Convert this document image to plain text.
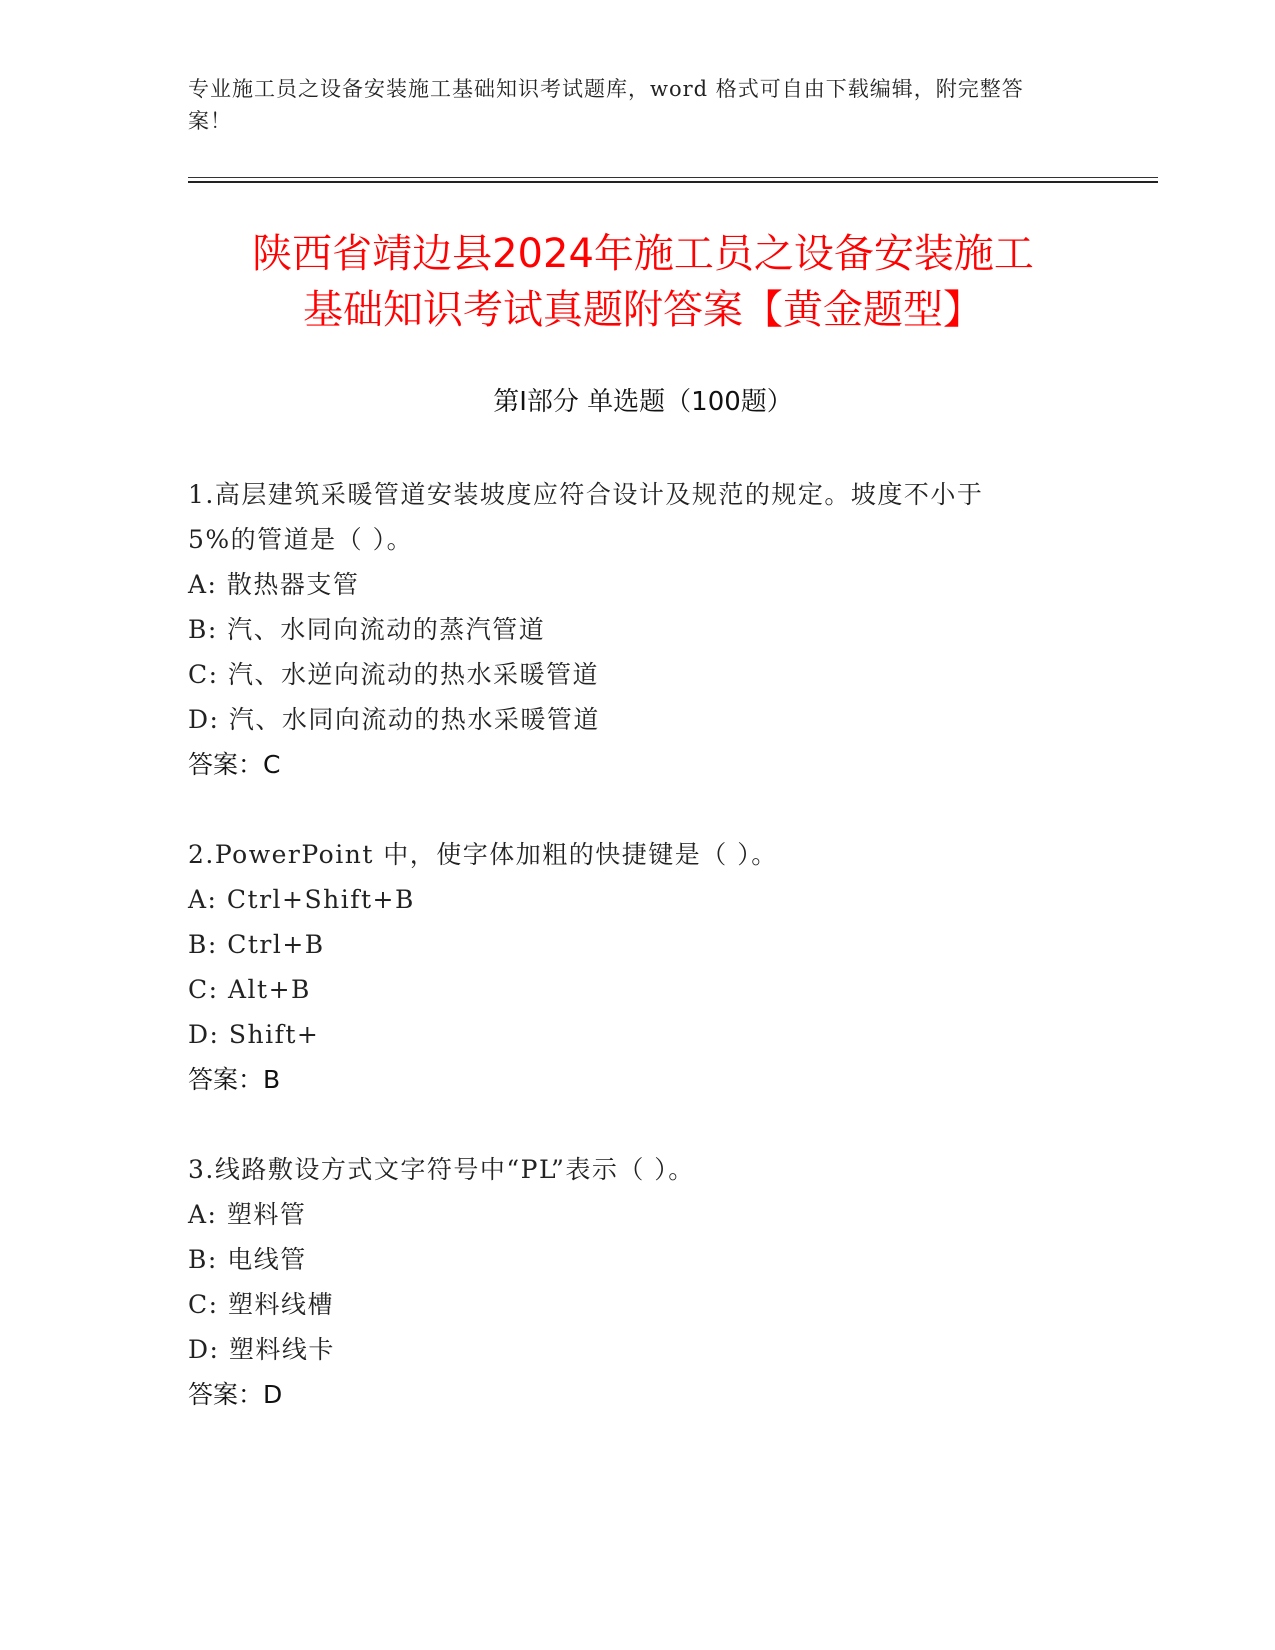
专业施工员之设备安装施工基础知识考试题库，word 格式可自由下载编辑，附完整答案！
陕西省靖边县2024年施工员之设备安装施工
基础知识考试真题附答案【黄金题型】
第I部分 单选题（100题）
1.高层建筑采暖管道安装坡度应符合设计及规范的规定。坡度不小于
5%的管道是（ ）。
A: 散热器支管
B: 汽、水同向流动的蒸汽管道
C: 汽、水逆向流动的热水采暖管道
D: 汽、水同向流动的热水采暖管道
答案：C
2.PowerPoint 中，使字体加粗的快捷键是（ ）。
A: Ctrl+Shift+B
B: Ctrl+B
C: Alt+B
D: Shift+
答案：B
3.线路敷设方式文字符号中“PL”表示（ ）。
A: 塑料管
B: 电线管
C: 塑料线槽
D: 塑料线卡
答案：D
